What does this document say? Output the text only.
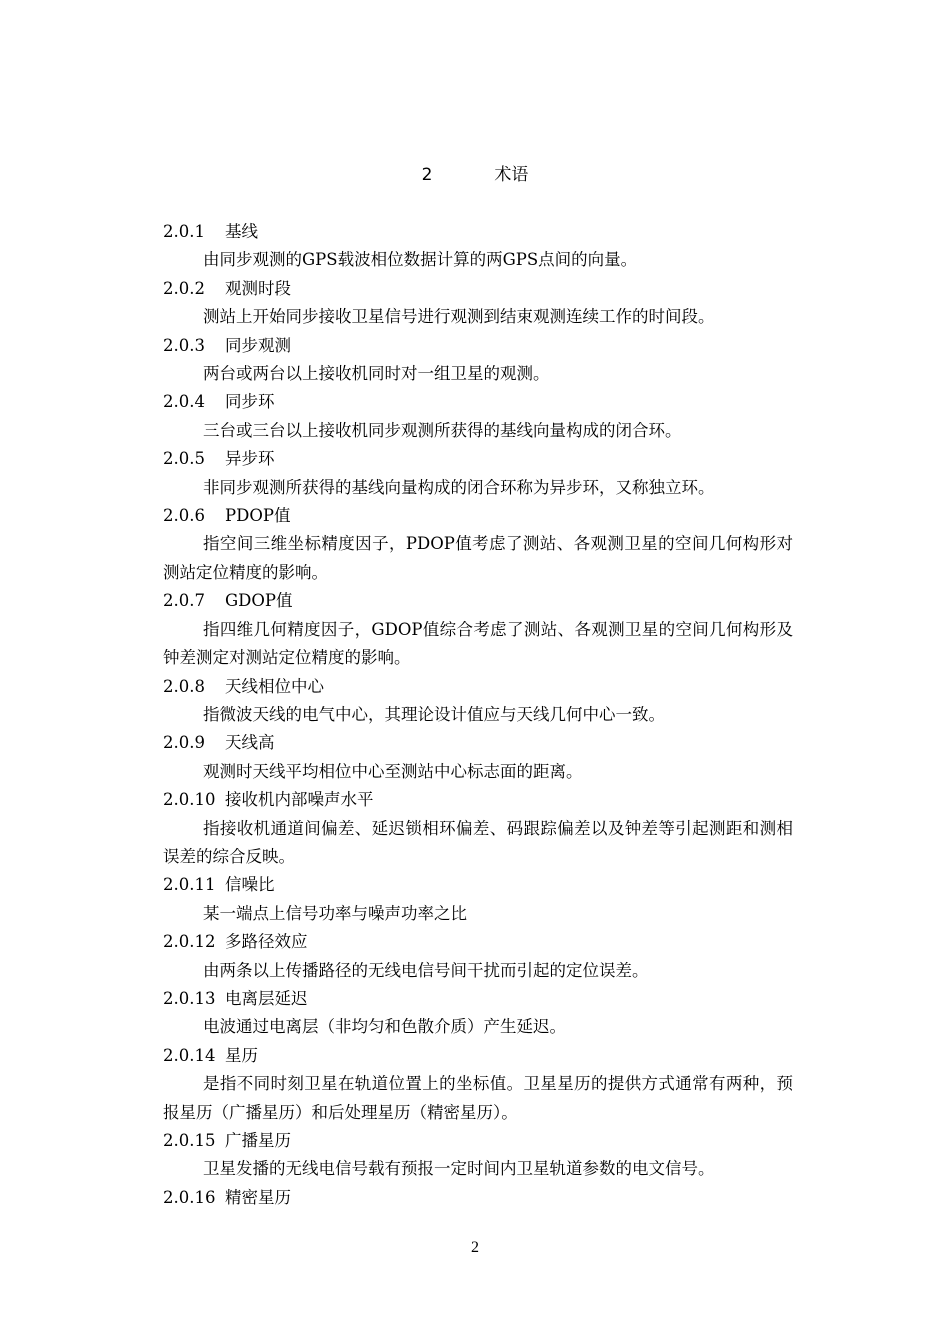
2	术语
2.0.1 基线

由同步观测的GPS载波相位数据计算的两GPS点间的向量。

2.0.2 观测时段

测站上开始同步接收卫星信号进行观测到结束观测连续工作的时间段。

2.0.3 同步观测

两台或两台以上接收机同时对一组卫星的观测。

2.0.4 同步环

三台或三台以上接收机同步观测所获得的基线向量构成的闭合环。

2.0.5 异步环

非同步观测所获得的基线向量构成的闭合环称为异步环，又称独立环。

2.0.6 PDOP值

指空间三维坐标精度因子，PDOP值考虑了测站、各观测卫星的空间几何构形对测站定位精度的影响。

2.0.7 GDOP值

指四维几何精度因子，GDOP值综合考虑了测站、各观测卫星的空间几何构形及钟差测定对测站定位精度的影响。

2.0.8 天线相位中心

指微波天线的电气中心，其理论设计值应与天线几何中心一致。

2.0.9 天线高

观测时天线平均相位中心至测站中心标志面的距离。

2.0.10 接收机内部噪声水平

指接收机通道间偏差、延迟锁相环偏差、码跟踪偏差以及钟差等引起测距和测相误差的综合反映。

2.0.11 信噪比

某一端点上信号功率与噪声功率之比

2.0.12 多路径效应

由两条以上传播路径的无线电信号间干扰而引起的定位误差。

2.0.13 电离层延迟

电波通过电离层（非均匀和色散介质）产生延迟。

2.0.14 星历

是指不同时刻卫星在轨道位置上的坐标值。卫星星历的提供方式通常有两种，预报星历（广播星历）和后处理星历（精密星历）。

2.0.15 广播星历

卫星发播的无线电信号载有预报一定时间内卫星轨道参数的电文信号。

2.0.16 精密星历
2
